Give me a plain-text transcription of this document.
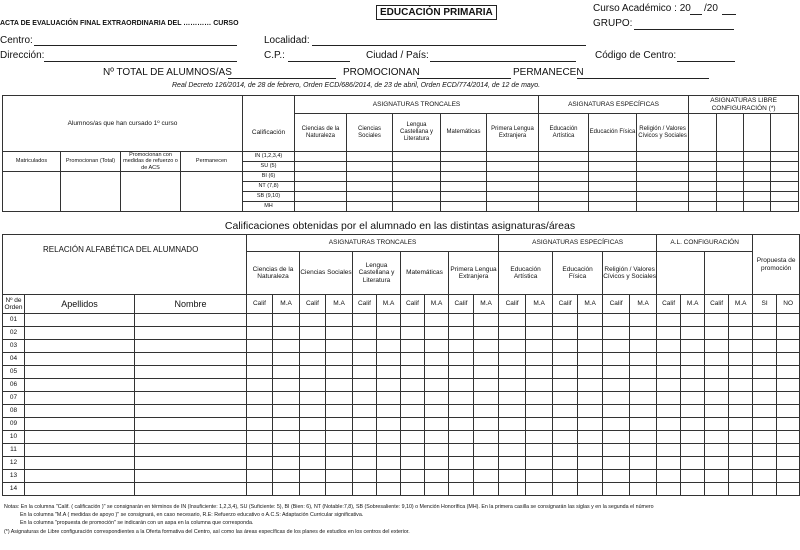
ACTA DE EVALUACIÓN FINAL EXTRAORDINARIA DEL ………… CURSO
EDUCACIÓN PRIMARIA	Curso Académico : 20 /20
GRUPO:
Centro:	Localidad:
Dirección:	C.P.:	Ciudad / País:	Código de Centro:
Nº TOTAL DE ALUMNOS/AS	PROMOCIONAN	PERMANECEN
Real Decreto 126/2014, de 28 de febrero, Orden ECD/686/2014, de 23 de abril, Orden ECD/774/2014, de 12 de mayo.
Alumnos/as que han cursado 1º curso					ASIGNATURAS TRONCALES					ASIGNATURAS ESPECÍFICAS			ASIGNATURAS LIBRE CONFIGURACIÓN (*)			
				Calificación	Ciencias de la Naturaleza	Ciencias Sociales	Lengua Castellana y Literatura	Matemáticas	Primera Lengua Extranjera	Educación Artística	Educación Física	Religión / Valores Cívicos y Sociales				
Matriculados	Promocionan (Total)	Promocionan con medidas de refuerzo o de ACS	Permanecen	IN (1,2,3,4)												
				SU (5)												
				BI (6)												
				NT (7,8)												
				SB (9,10)												
				MH												
Calificaciones obtenidas por el alumnado en las distintas asignaturas/áreas
RELACIÓN ALFABÉTICA DEL ALUMNADO			ASIGNATURAS TRONCALES										ASIGNATURAS ESPECÍFICAS						A.L. CONFIGURACIÓN				Propuesta de promoción	
			Ciencias de la Naturaleza		Ciencias Sociales		Lengua Castellana y Literatura		Matemáticas		Primera Lengua Extranjera		Educación Artística		Educación Física		Religión / Valores Cívicos y Sociales							
Nº de Orden	Apellidos	Nombre	Calif	M.A	Calif	M.A	Calif	M.A	Calif	M.A	Calif	M.A	Calif	M.A	Calif	M.A	Calif	M.A	Calif	M.A	Calif	M.A	SI	NO
01																								
02																								
03																								
04																								
05																								
06																								
07																								
08																								
09																								
10																								
11																								
12																								
13																								
14																								
Notas: En la columna "Calif. ( calificación )" se consignarán en términos de IN (Insuficiente: 1,2,3,4), SU (Suficiente: 5), BI (Bien: 6), NT (Notable:7,8), SB (Sobresaliente: 9,10) o Mención Honorífica (MH). En la primera casilla se consignarán las siglas y en la segunda el número
En la columna "M.A ( medidas de apoyo )" se consignará, en caso necesario, R.E: Refuerzo educativo o A.C.S: Adaptación Curricular significativa.
En la columna "propuesta de promoción" se indicarán con un aspa en la columna que corresponda.
(*) Asignaturas de Libre configuración correspondientes a la Oferta formativa del Centro, así como las áreas específicas de los planes de estudios en los centros del exterior.
